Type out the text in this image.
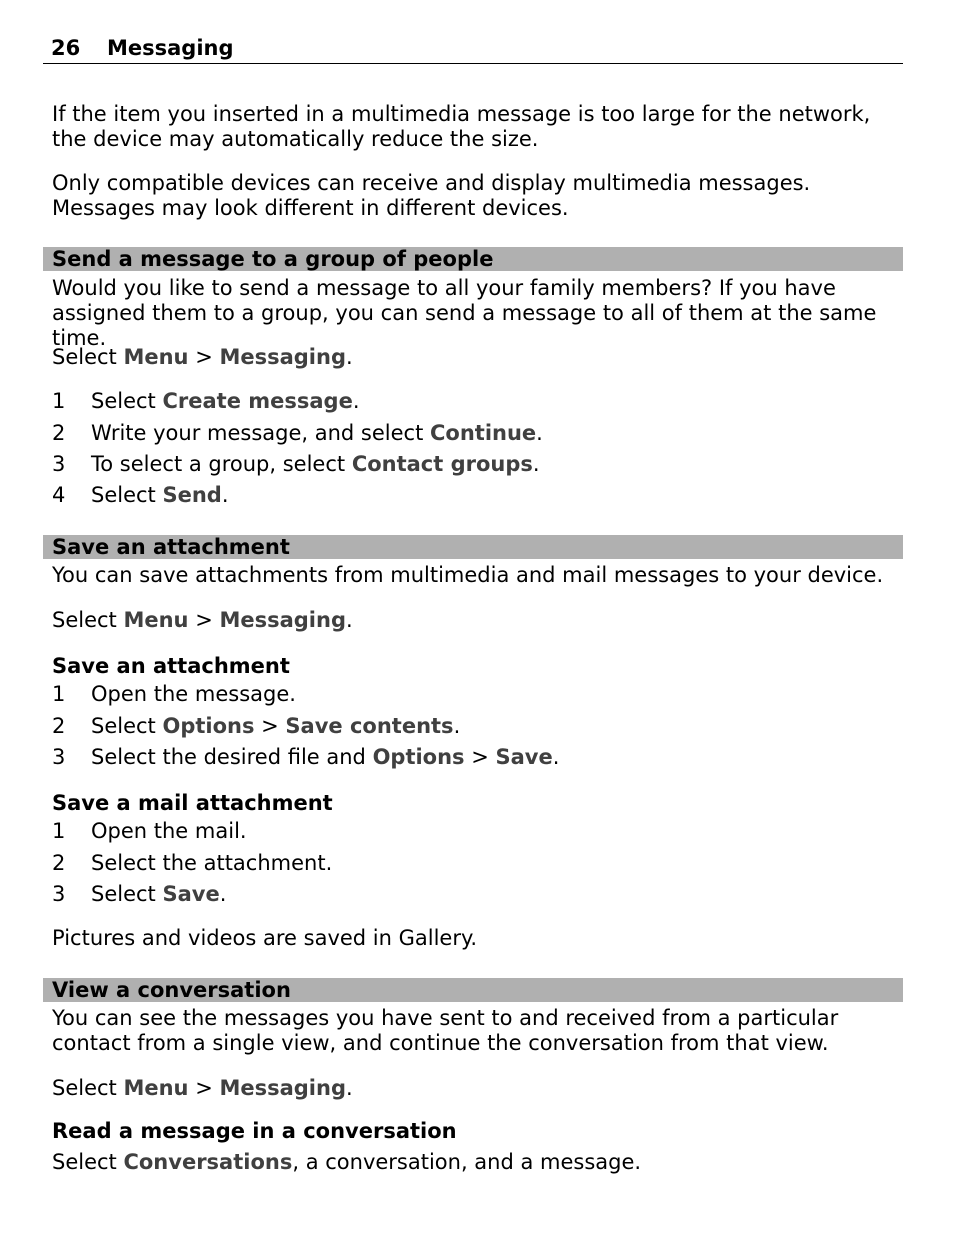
26 Messaging
If the item you inserted in a multimedia message is too large for the network, the device may automatically reduce the size.
Only compatible devices can receive and display multimedia messages. Messages may look different in different devices.
Send a message to a group of people
Would you like to send a message to all your family members? If you have assigned them to a group, you can send a message to all of them at the same time.
Select Menu > Messaging.
1 Select Create message.
2 Write your message, and select Continue.
3 To select a group, select Contact groups.
4 Select Send.
Save an attachment
You can save attachments from multimedia and mail messages to your device.
Select Menu > Messaging.
Save an attachment
1 Open the message.
2 Select Options > Save contents.
3 Select the desired file and Options > Save.
Save a mail attachment
1 Open the mail.
2 Select the attachment.
3 Select Save.
Pictures and videos are saved in Gallery.
View a conversation
You can see the messages you have sent to and received from a particular contact from a single view, and continue the conversation from that view.
Select Menu > Messaging.
Read a message in a conversation
Select Conversations, a conversation, and a message.
